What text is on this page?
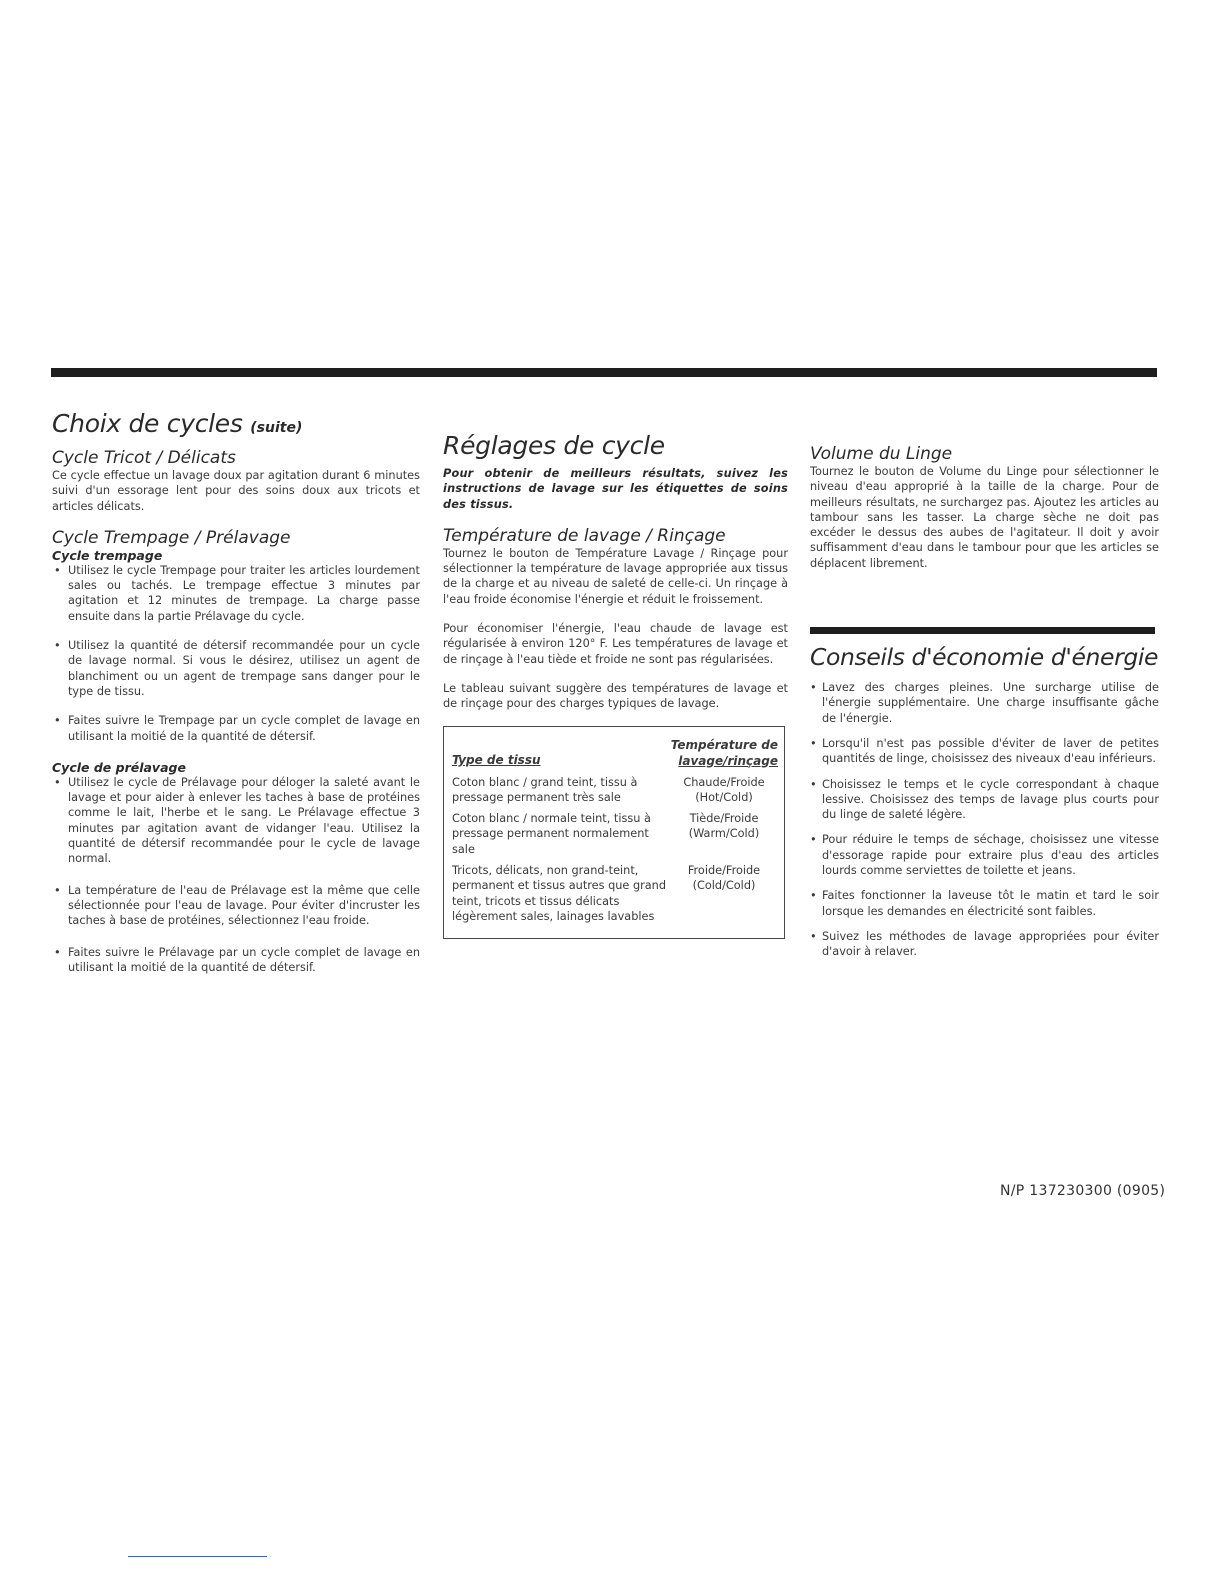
Choix de cycles (suite)
Cycle Tricot / Délicats

Ce cycle effectue un lavage doux par agitation durant 6 minutes suivi d'un essorage lent pour des soins doux aux tricots et articles délicats.

Cycle Trempage / Prélavage
Cycle trempage
• Utilisez le cycle Trempage pour traiter les articles lourdement sales ou tachés. Le trempage effectue 3 minutes par agitation et 12 minutes de trempage. La charge passe ensuite dans la partie Prélavage du cycle.
• Utilisez la quantité de détersif recommandée pour un cycle de lavage normal. Si vous le désirez, utilisez un agent de blanchiment ou un agent de trempage sans danger pour le type de tissu.
• Faites suivre le Trempage par un cycle complet de lavage en utilisant la moitié de la quantité de détersif.
Cycle de prélavage
• Utilisez le cycle de Prélavage pour déloger la saleté avant le lavage et pour aider à enlever les taches à base de protéines comme le lait, l'herbe et le sang. Le Prélavage effectue 3 minutes par agitation avant de vidanger l'eau. Utilisez la quantité de détersif recommandée pour le cycle de lavage normal.
• La température de l'eau de Prélavage est la même que celle sélectionnée pour l'eau de lavage. Pour éviter d'incruster les taches à base de protéines, sélectionnez l'eau froide.
• Faites suivre le Prélavage par un cycle complet de lavage en utilisant la moitié de la quantité de détersif.
Réglages de cycle

Pour obtenir de meilleurs résultats, suivez les instructions de lavage sur les étiquettes de soins des tissus.

Température de lavage / Rinçage

Tournez le bouton de Température Lavage / Rinçage pour sélectionner la température de lavage appropriée aux tissus de la charge et au niveau de saleté de celle-ci. Un rinçage à l'eau froide économise l'énergie et réduit le froissement.

Pour économiser l'énergie, l'eau chaude de lavage est régularisée à environ 120° F. Les températures de lavage et de rinçage à l'eau tiède et froide ne sont pas régularisées.

Le tableau suivant suggère des températures de lavage et de rinçage pour des charges typiques de lavage.

Type de tissu
Température de
lavage/rinçage
Coton blanc / grand teint, tissu à pressage permanent très sale
Chaude/Froide
(Hot/Cold)
Coton blanc / normale teint, tissu à pressage permanent normalement sale
Tiède/Froide
(Warm/Cold)
Tricots, délicats, non grand-teint, permanent et tissus autres que grand teint, tricots et tissus délicats légèrement sales, lainages lavables
Froide/Froide
(Cold/Cold)
Volume du Linge

Tournez le bouton de Volume du Linge pour sélectionner le niveau d'eau approprié à la taille de la charge. Pour de meilleurs résultats, ne surchargez pas. Ajoutez les articles au tambour sans les tasser. La charge sèche ne doit pas excéder le dessus des aubes de l'agitateur. Il doit y avoir suffisamment d'eau dans le tambour pour que les articles se déplacent librement.

Conseils d'économie d'énergie
• Lavez des charges pleines. Une surcharge utilise de l'énergie supplémentaire. Une charge insuffisante gâche de l'énergie.
• Lorsqu'il n'est pas possible d'éviter de laver de petites quantités de linge, choisissez des niveaux d'eau inférieurs.
• Choisissez le temps et le cycle correspondant à chaque lessive. Choisissez des temps de lavage plus courts pour du linge de saleté légère.
• Pour réduire le temps de séchage, choisissez une vitesse d'essorage rapide pour extraire plus d'eau des articles lourds comme serviettes de toilette et jeans.
• Faites fonctionner la laveuse tôt le matin et tard le soir lorsque les demandes en électricité sont faibles.
• Suivez les méthodes de lavage appropriées pour éviter d'avoir à relaver.
N/P 137230300 (0905)
